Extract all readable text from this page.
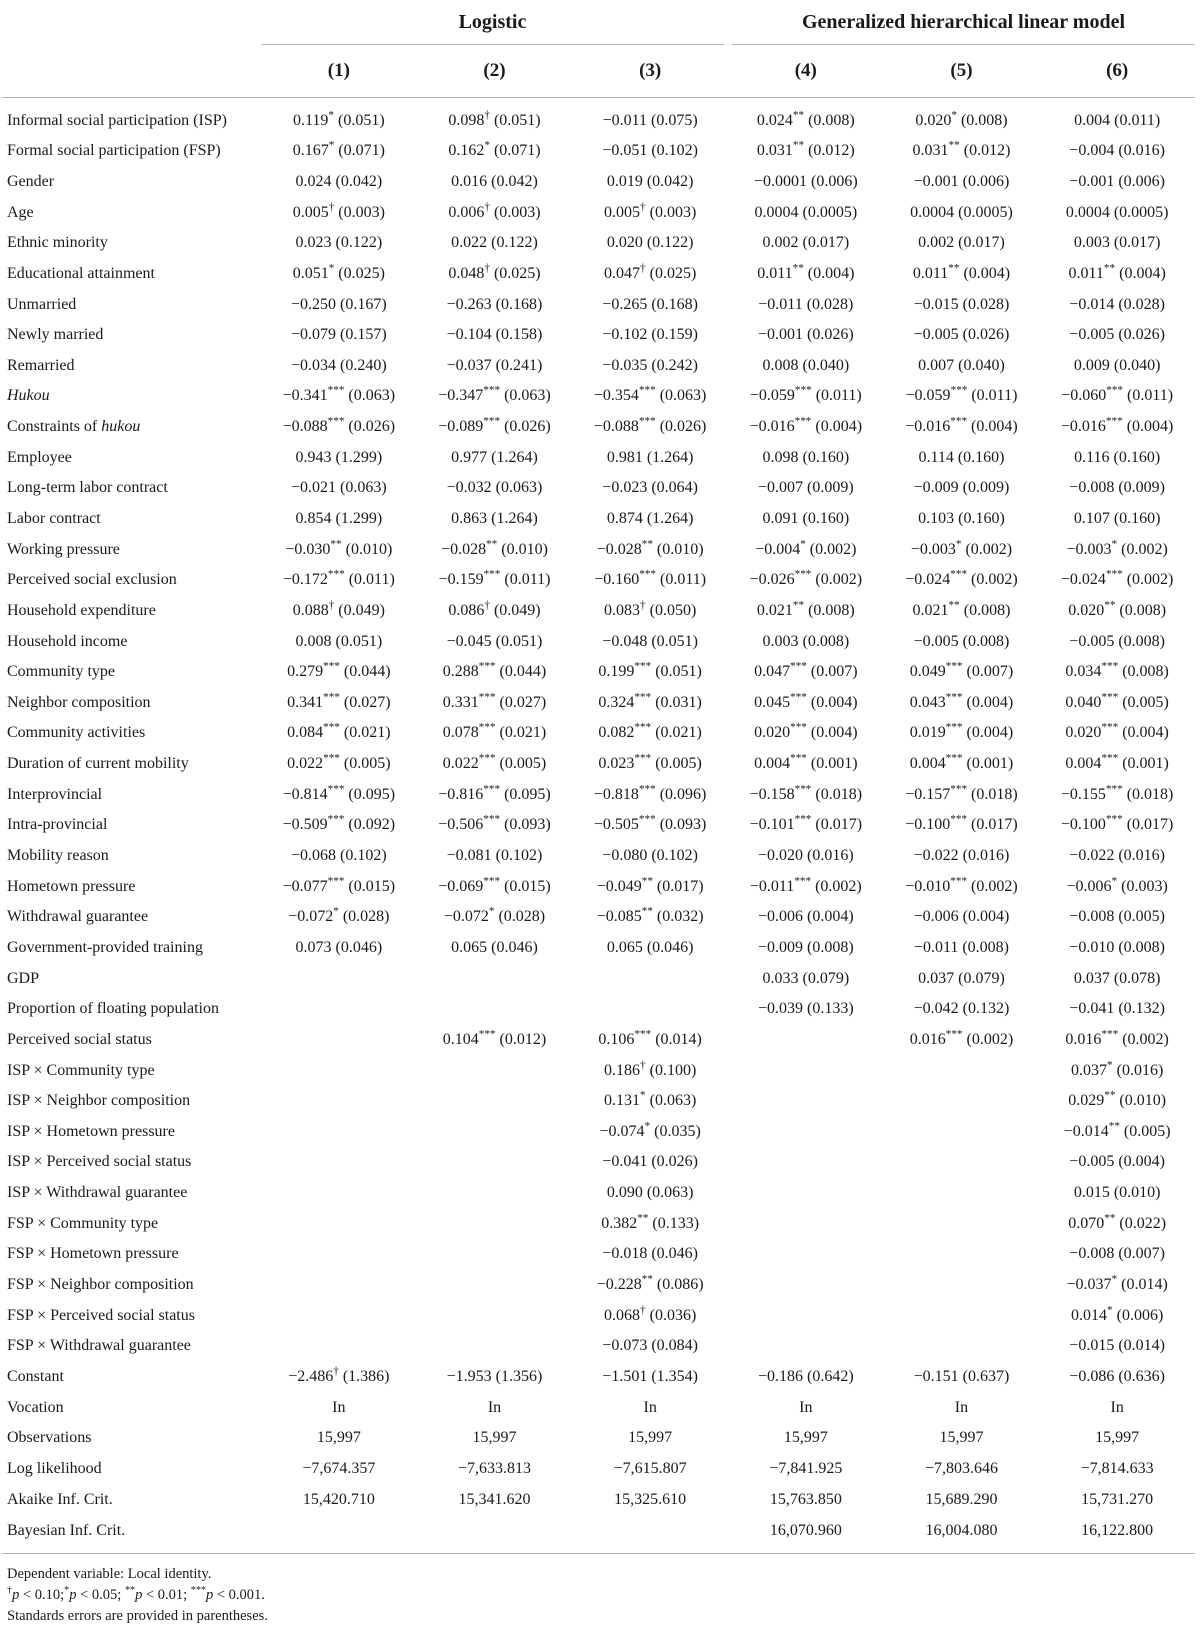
	Logistic			Generalized hierarchical linear model		

	(1)	(2)	(3)	(4)	(5)	(6)
Informal social participation (ISP)	0.119* (0.051)	0.098† (0.051)	−0.011 (0.075)	0.024** (0.008)	0.020* (0.008)	0.004 (0.011)
Formal social participation (FSP)	0.167* (0.071)	0.162* (0.071)	−0.051 (0.102)	0.031** (0.012)	0.031** (0.012)	−0.004 (0.016)
Gender	0.024 (0.042)	0.016 (0.042)	0.019 (0.042)	−0.0001 (0.006)	−0.001 (0.006)	−0.001 (0.006)
Age	0.005† (0.003)	0.006† (0.003)	0.005† (0.003)	0.0004 (0.0005)	0.0004 (0.0005)	0.0004 (0.0005)
Ethnic minority	0.023 (0.122)	0.022 (0.122)	0.020 (0.122)	0.002 (0.017)	0.002 (0.017)	0.003 (0.017)
Educational attainment	0.051* (0.025)	0.048† (0.025)	0.047† (0.025)	0.011** (0.004)	0.011** (0.004)	0.011** (0.004)
Unmarried	−0.250 (0.167)	−0.263 (0.168)	−0.265 (0.168)	−0.011 (0.028)	−0.015 (0.028)	−0.014 (0.028)
Newly married	−0.079 (0.157)	−0.104 (0.158)	−0.102 (0.159)	−0.001 (0.026)	−0.005 (0.026)	−0.005 (0.026)
Remarried	−0.034 (0.240)	−0.037 (0.241)	−0.035 (0.242)	0.008 (0.040)	0.007 (0.040)	0.009 (0.040)
Hukou	−0.341*** (0.063)	−0.347*** (0.063)	−0.354*** (0.063)	−0.059*** (0.011)	−0.059*** (0.011)	−0.060*** (0.011)
Constraints of hukou	−0.088*** (0.026)	−0.089*** (0.026)	−0.088*** (0.026)	−0.016*** (0.004)	−0.016*** (0.004)	−0.016*** (0.004)
Employee	0.943 (1.299)	0.977 (1.264)	0.981 (1.264)	0.098 (0.160)	0.114 (0.160)	0.116 (0.160)
Long-term labor contract	−0.021 (0.063)	−0.032 (0.063)	−0.023 (0.064)	−0.007 (0.009)	−0.009 (0.009)	−0.008 (0.009)
Labor contract	0.854 (1.299)	0.863 (1.264)	0.874 (1.264)	0.091 (0.160)	0.103 (0.160)	0.107 (0.160)
Working pressure	−0.030** (0.010)	−0.028** (0.010)	−0.028** (0.010)	−0.004* (0.002)	−0.003* (0.002)	−0.003* (0.002)
Perceived social exclusion	−0.172*** (0.011)	−0.159*** (0.011)	−0.160*** (0.011)	−0.026*** (0.002)	−0.024*** (0.002)	−0.024*** (0.002)
Household expenditure	0.088† (0.049)	0.086† (0.049)	0.083† (0.050)	0.021** (0.008)	0.021** (0.008)	0.020** (0.008)
Household income	0.008 (0.051)	−0.045 (0.051)	−0.048 (0.051)	0.003 (0.008)	−0.005 (0.008)	−0.005 (0.008)
Community type	0.279*** (0.044)	0.288*** (0.044)	0.199*** (0.051)	0.047*** (0.007)	0.049*** (0.007)	0.034*** (0.008)
Neighbor composition	0.341*** (0.027)	0.331*** (0.027)	0.324*** (0.031)	0.045*** (0.004)	0.043*** (0.004)	0.040*** (0.005)
Community activities	0.084*** (0.021)	0.078*** (0.021)	0.082*** (0.021)	0.020*** (0.004)	0.019*** (0.004)	0.020*** (0.004)
Duration of current mobility	0.022*** (0.005)	0.022*** (0.005)	0.023*** (0.005)	0.004*** (0.001)	0.004*** (0.001)	0.004*** (0.001)
Interprovincial	−0.814*** (0.095)	−0.816*** (0.095)	−0.818*** (0.096)	−0.158*** (0.018)	−0.157*** (0.018)	−0.155*** (0.018)
Intra-provincial	−0.509*** (0.092)	−0.506*** (0.093)	−0.505*** (0.093)	−0.101*** (0.017)	−0.100*** (0.017)	−0.100*** (0.017)
Mobility reason	−0.068 (0.102)	−0.081 (0.102)	−0.080 (0.102)	−0.020 (0.016)	−0.022 (0.016)	−0.022 (0.016)
Hometown pressure	−0.077*** (0.015)	−0.069*** (0.015)	−0.049** (0.017)	−0.011*** (0.002)	−0.010*** (0.002)	−0.006* (0.003)
Withdrawal guarantee	−0.072* (0.028)	−0.072* (0.028)	−0.085** (0.032)	−0.006 (0.004)	−0.006 (0.004)	−0.008 (0.005)
Government-provided training	0.073 (0.046)	0.065 (0.046)	0.065 (0.046)	−0.009 (0.008)	−0.011 (0.008)	−0.010 (0.008)
GDP				0.033 (0.079)	0.037 (0.079)	0.037 (0.078)
Proportion of floating population				−0.039 (0.133)	−0.042 (0.132)	−0.041 (0.132)
Perceived social status		0.104*** (0.012)	0.106*** (0.014)		0.016*** (0.002)	0.016*** (0.002)
ISP × Community type			0.186† (0.100)			0.037* (0.016)
ISP × Neighbor composition			0.131* (0.063)			0.029** (0.010)
ISP × Hometown pressure			−0.074* (0.035)			−0.014** (0.005)
ISP × Perceived social status			−0.041 (0.026)			−0.005 (0.004)
ISP × Withdrawal guarantee			0.090 (0.063)			0.015 (0.010)
FSP × Community type			0.382** (0.133)			0.070** (0.022)
FSP × Hometown pressure			−0.018 (0.046)			−0.008 (0.007)
FSP × Neighbor composition			−0.228** (0.086)			−0.037* (0.014)
FSP × Perceived social status			0.068† (0.036)			0.014* (0.006)
FSP × Withdrawal guarantee			−0.073 (0.084)			−0.015 (0.014)
Constant	−2.486† (1.386)	−1.953 (1.356)	−1.501 (1.354)	−0.186 (0.642)	−0.151 (0.637)	−0.086 (0.636)
Vocation	In	In	In	In	In	In
Observations	15,997	15,997	15,997	15,997	15,997	15,997
Log likelihood	−7,674.357	−7,633.813	−7,615.807	−7,841.925	−7,803.646	−7,814.633
Akaike Inf. Crit.	15,420.710	15,341.620	15,325.610	15,763.850	15,689.290	15,731.270
Bayesian Inf. Crit.				16,070.960	16,004.080	16,122.800
Dependent variable: Local identity.
†p < 0.10;*p < 0.05; **p < 0.01; ***p < 0.001.
Standards errors are provided in parentheses.
